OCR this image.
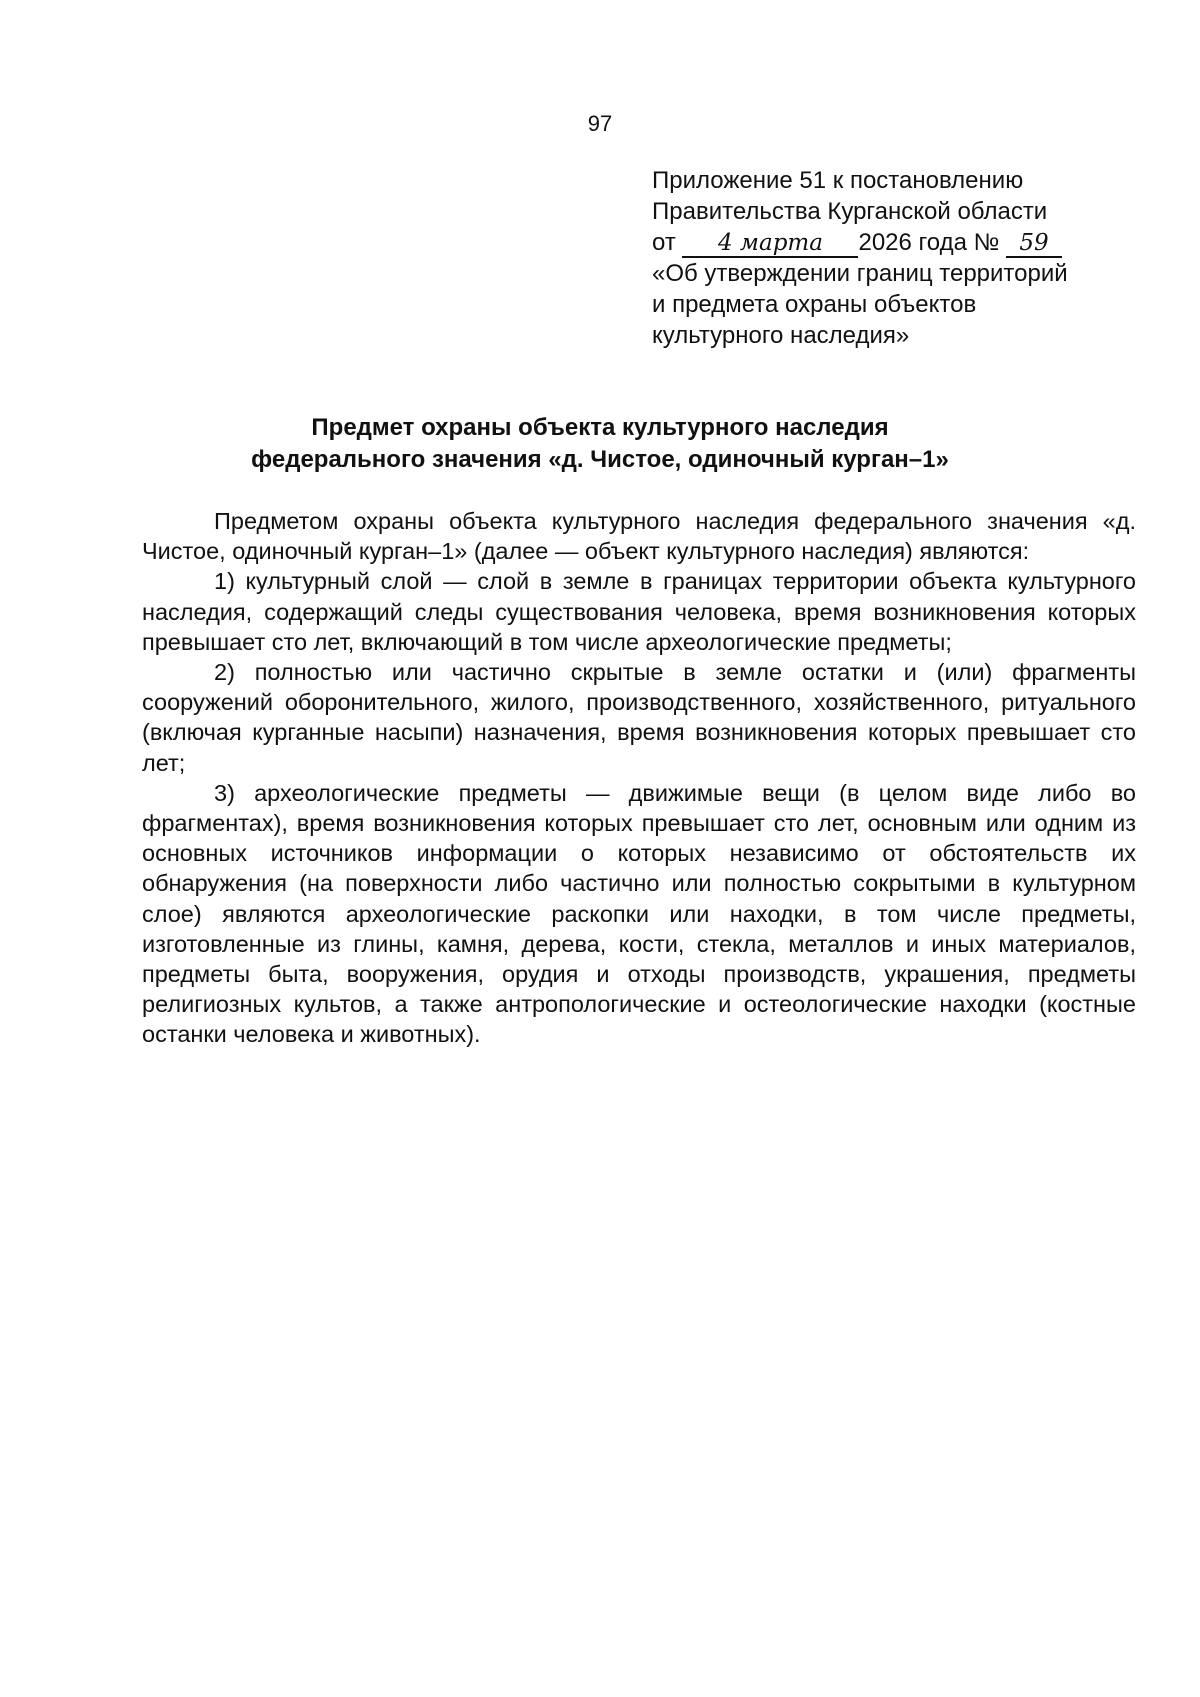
97
Приложение 51 к постановлению
Правительства Курганской области
от 4 марта 2026 года № 59
«Об утверждении границ территорий
и предмета охраны объектов
культурного наследия»
Предмет охраны объекта культурного наследия
федерального значения «д. Чистое, одиночный курган–1»

Предметом охраны объекта культурного наследия федерального значения «д. Чистое, одиночный курган–1» (далее — объект культурного наследия) являются:

1) культурный слой — слой в земле в границах территории объекта культурного наследия, содержащий следы существования человека, время возникновения которых превышает сто лет, включающий в том числе археологические предметы;

2) полностью или частично скрытые в земле остатки и (или) фрагменты сооружений оборонительного, жилого, производственного, хозяйственного, ритуального (включая курганные насыпи) назначения, время возникновения которых превышает сто лет;

3) археологические предметы — движимые вещи (в целом виде либо во фрагментах), время возникновения которых превышает сто лет, основным или одним из основных источников информации о которых независимо от обстоятельств их обнаружения (на поверхности либо частично или полностью сокрытыми в культурном слое) являются археологические раскопки или находки, в том числе предметы, изготовленные из глины, камня, дерева, кости, стекла, металлов и иных материалов, предметы быта, вооружения, орудия и отходы производств, украшения, предметы религиозных культов, а также антропологические и остеологические находки (костные останки человека и животных).
